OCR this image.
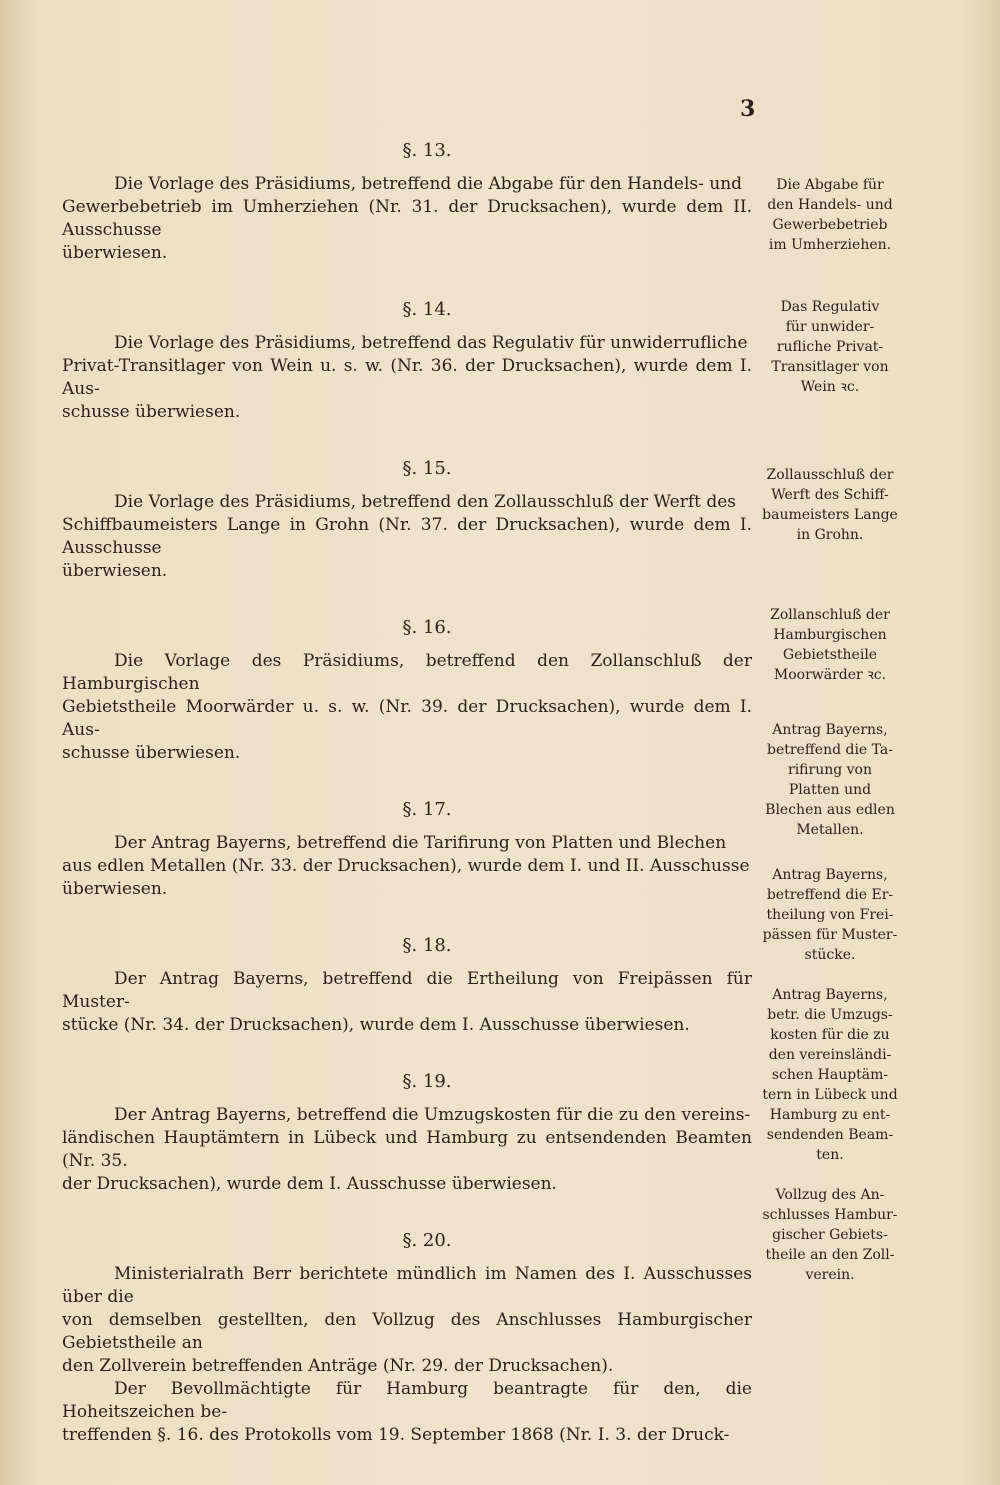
3
§. 13.
Die Vorlage des Präsidiums, betreffend die Abgabe für den Handels- und
Gewerbebetrieb im Umherziehen (Nr. 31. der Drucksachen), wurde dem II. Ausschusse
überwiesen.
§. 14.
Die Vorlage des Präsidiums, betreffend das Regulativ für unwiderrufliche
Privat-Transitlager von Wein u. s. w. (Nr. 36. der Drucksachen), wurde dem I. Aus-
schusse überwiesen.
§. 15.
Die Vorlage des Präsidiums, betreffend den Zollausschluß der Werft des
Schiffbaumeisters Lange in Grohn (Nr. 37. der Drucksachen), wurde dem I. Ausschusse
überwiesen.
§. 16.
Die Vorlage des Präsidiums, betreffend den Zollanschluß der Hamburgischen
Gebietstheile Moorwärder u. s. w. (Nr. 39. der Drucksachen), wurde dem I. Aus-
schusse überwiesen.
§. 17.
Der Antrag Bayerns, betreffend die Tarifirung von Platten und Blechen
aus edlen Metallen (Nr. 33. der Drucksachen), wurde dem I. und II. Ausschusse
überwiesen.
§. 18.
Der Antrag Bayerns, betreffend die Ertheilung von Freipässen für Muster-
stücke (Nr. 34. der Drucksachen), wurde dem I. Ausschusse überwiesen.
§. 19.
Der Antrag Bayerns, betreffend die Umzugskosten für die zu den vereins-
ländischen Hauptämtern in Lübeck und Hamburg zu entsendenden Beamten (Nr. 35.
der Drucksachen), wurde dem I. Ausschusse überwiesen.
§. 20.
Ministerialrath Berr berichtete mündlich im Namen des I. Ausschusses über die
von demselben gestellten, den Vollzug des Anschlusses Hamburgischer Gebietstheile an
den Zollverein betreffenden Anträge (Nr. 29. der Drucksachen).
Der Bevollmächtigte für Hamburg beantragte für den, die Hoheitszeichen be-
treffenden §. 16. des Protokolls vom 19. September 1868 (Nr. I. 3. der Druck-
Die Abgabe für
den Handels- und
Gewerbebetrieb
im Umherziehen.
Das Regulativ
für unwider-
rufliche Privat-
Transitlager von
Wein ꝛc.
Zollausschluß der
Werft des Schiff-
baumeisters Lange
in Grohn.
Zollanschluß der
Hamburgischen
Gebietstheile
Moorwärder ꝛc.
Antrag Bayerns,
betreffend die Ta-
rifirung von
Platten und
Blechen aus edlen
Metallen.
Antrag Bayerns,
betreffend die Er-
theilung von Frei-
pässen für Muster-
stücke.
Antrag Bayerns,
betr. die Umzugs-
kosten für die zu
den vereinsländi-
schen Hauptäm-
tern in Lübeck und
Hamburg zu ent-
sendenden Beam-
ten.
Vollzug des An-
schlusses Hambur-
gischer Gebiets-
theile an den Zoll-
verein.
